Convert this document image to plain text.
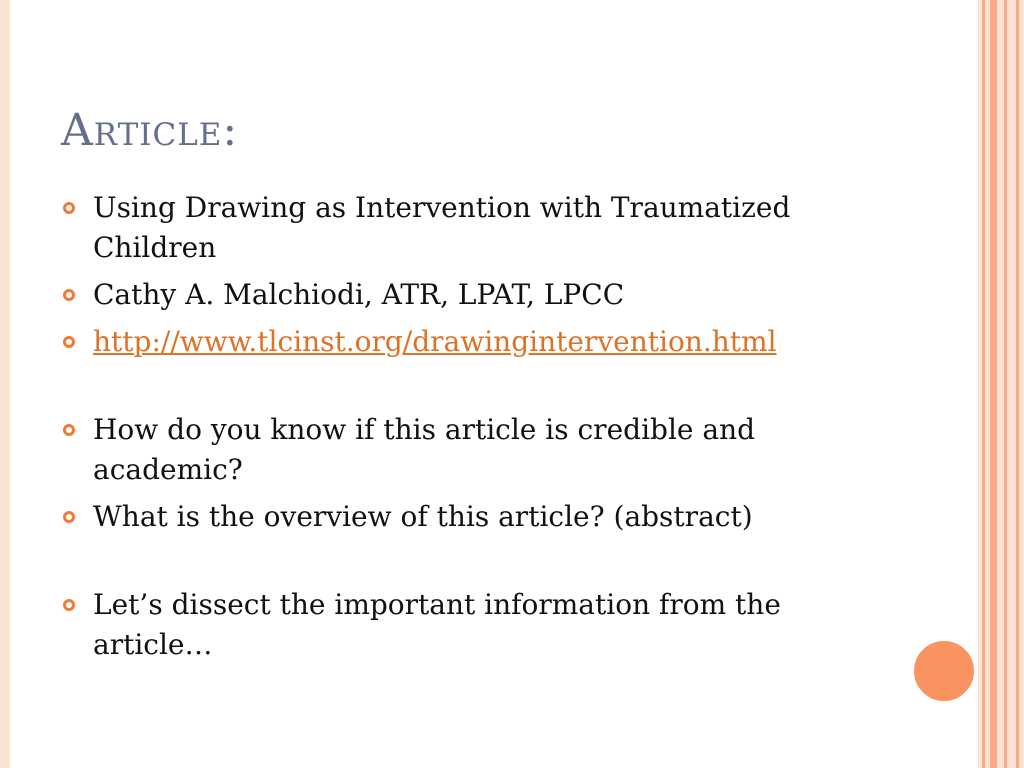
Article:
Using Drawing as Intervention with Traumatized Children
Cathy A. Malchiodi, ATR, LPAT, LPCC
http://www.tlcinst.org/drawingintervention.html
How do you know if this article is credible and academic?
What is the overview of this article? (abstract)
Let’s dissect the important information from the article…
